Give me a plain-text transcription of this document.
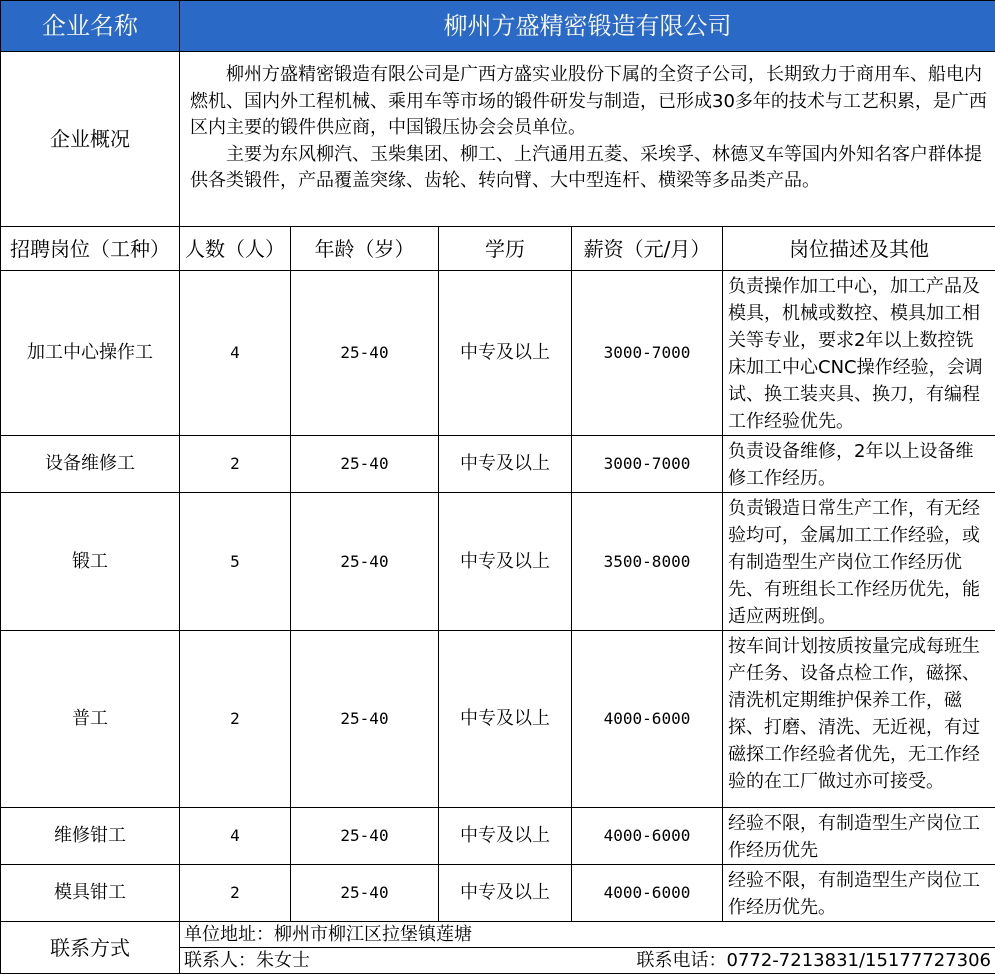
企业名称	柳州方盛精密锻造有限公司				
企业概况	柳州方盛精密锻造有限公司是广西方盛实业股份下属的全资子公司，长期致力于商用车、船电内燃机、国内外工程机械、乘用车等市场的锻件研发与制造，已形成30多年的技术与工艺积累，是广西区内主要的锻件供应商，中国锻压协会会员单位。

主要为东风柳汽、玉柴集团、柳工、上汽通用五菱、采埃孚、林德叉车等国内外知名客户群体提供各类锻件，产品覆盖突缘、齿轮、转向臂、大中型连杆、横梁等多品类产品。				

招聘岗位（工种）	人数（人）	年龄（岁）	学历	薪资（元/月）	岗位描述及其他
加工中心操作工	4	25-40	中专及以上	3000-7000	负责操作加工中心，加工产品及模具，机械或数控、模具加工相关等专业，要求2年以上数控铣床加工中心CNC操作经验，会调试、换工装夹具、换刀，有编程工作经验优先。
设备维修工	2	25-40	中专及以上	3000-7000	负责设备维修，2年以上设备维修工作经历。
锻工	5	25-40	中专及以上	3500-8000	负责锻造日常生产工作，有无经验均可，金属加工工作经验，或有制造型生产岗位工作经历优先、有班组长工作经历优先，能适应两班倒。
普工	2	25-40	中专及以上	4000-6000	按车间计划按质按量完成每班生产任务、设备点检工作，磁探、清洗机定期维护保养工作，磁探、打磨、清洗、无近视，有过磁探工作经验者优先，无工作经验的在工厂做过亦可接受。
维修钳工	4	25-40	中专及以上	4000-6000	经验不限，有制造型生产岗位工作经历优先
模具钳工	2	25-40	中专及以上	4000-6000	经验不限，有制造型生产岗位工作经历优先。
联系方式	单位地址：柳州市柳江区拉堡镇莲塘				

	联系人：朱女士 联系电话：0772-7213831/15177727306				
